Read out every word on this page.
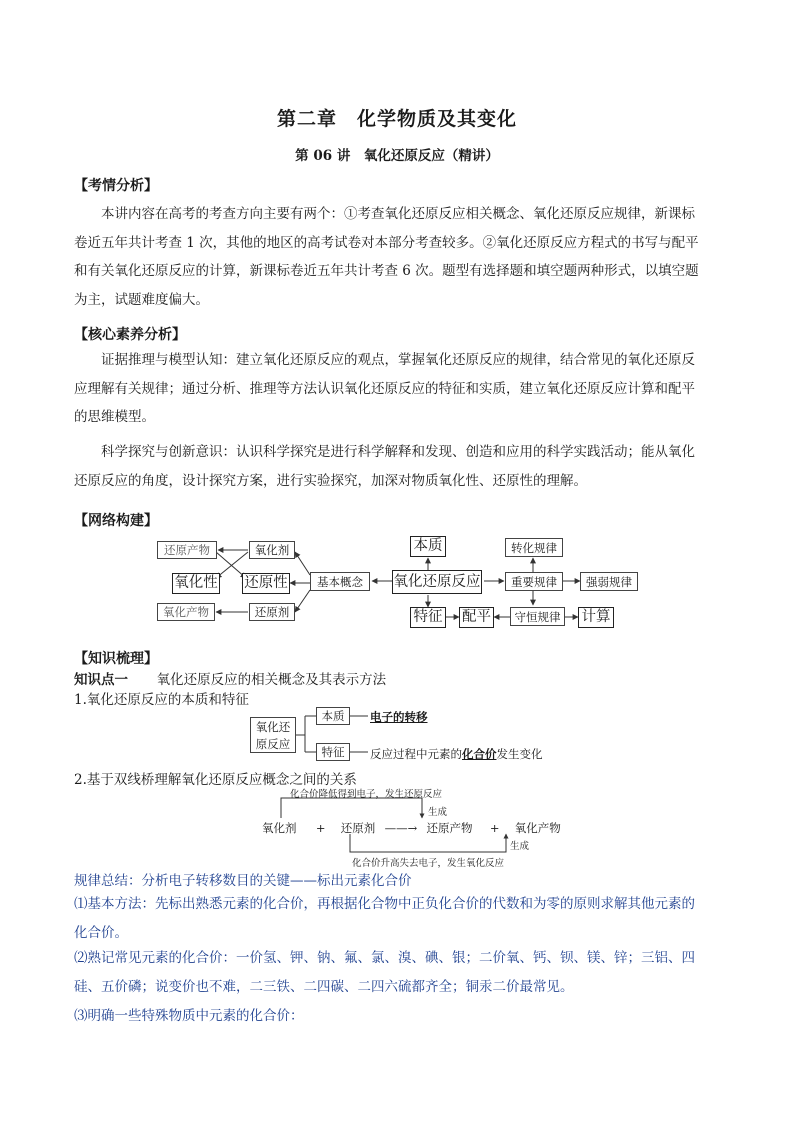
第二章　化学物质及其变化
第 06 讲　氧化还原反应（精讲）
【考情分析】
本讲内容在高考的考查方向主要有两个：①考查氧化还原反应相关概念、氧化还原反应规律，新课标
卷近五年共计考查 1 次，其他的地区的高考试卷对本部分考查较多。②氧化还原反应方程式的书写与配平
和有关氧化还原反应的计算，新课标卷近五年共计考查 6 次。题型有选择题和填空题两种形式，以填空题
为主，试题难度偏大。
【核心素养分析】
证据推理与模型认知：建立氧化还原反应的观点，掌握氧化还原反应的规律，结合常见的氧化还原反
应理解有关规律；通过分析、推理等方法认识氧化还原反应的特征和实质，建立氧化还原反应计算和配平
的思维模型。
科学探究与创新意识：认识科学探究是进行科学解释和发现、创造和应用的科学实践活动；能从氧化
还原反应的角度，设计探究方案，进行实验探究，加深对物质氧化性、还原性的理解。
【网络构建】
还原产物	氧化剂
氧化性 还原性
氧化产物	还原剂
基本概念	氧化还原反应
本质
特征 配平
转化规律
重要规律	强弱规律
守恒规律	计算
【知识梳理】
知识点一 氧化还原反应的相关概念及其表示方法
1.氧化还原反应的本质和特征
氧化还
原反应
本质	电子的转移
特征	反应过程中元素的化合价发生变化
2.基于双线桥理解氧化还原反应概念之间的关系
化合价降低得到电子，发生还原反应
生成
氧化剂 + 还原剂 ——→ 还原产物 + 氧化产物
生成
化合价升高失去电子，发生氧化反应
规律总结：分析电子转移数目的关键——标出元素化合价
⑴基本方法：先标出熟悉元素的化合价，再根据化合物中正负化合价的代数和为零的原则求解其他元素的
化合价。
⑵熟记常见元素的化合价：一价氢、钾、钠、氟、氯、溴、碘、银；二价氧、钙、钡、镁、锌；三铝、四
硅、五价磷；说变价也不难，二三铁、二四碳、二四六硫都齐全；铜汞二价最常见。
⑶明确一些特殊物质中元素的化合价：
